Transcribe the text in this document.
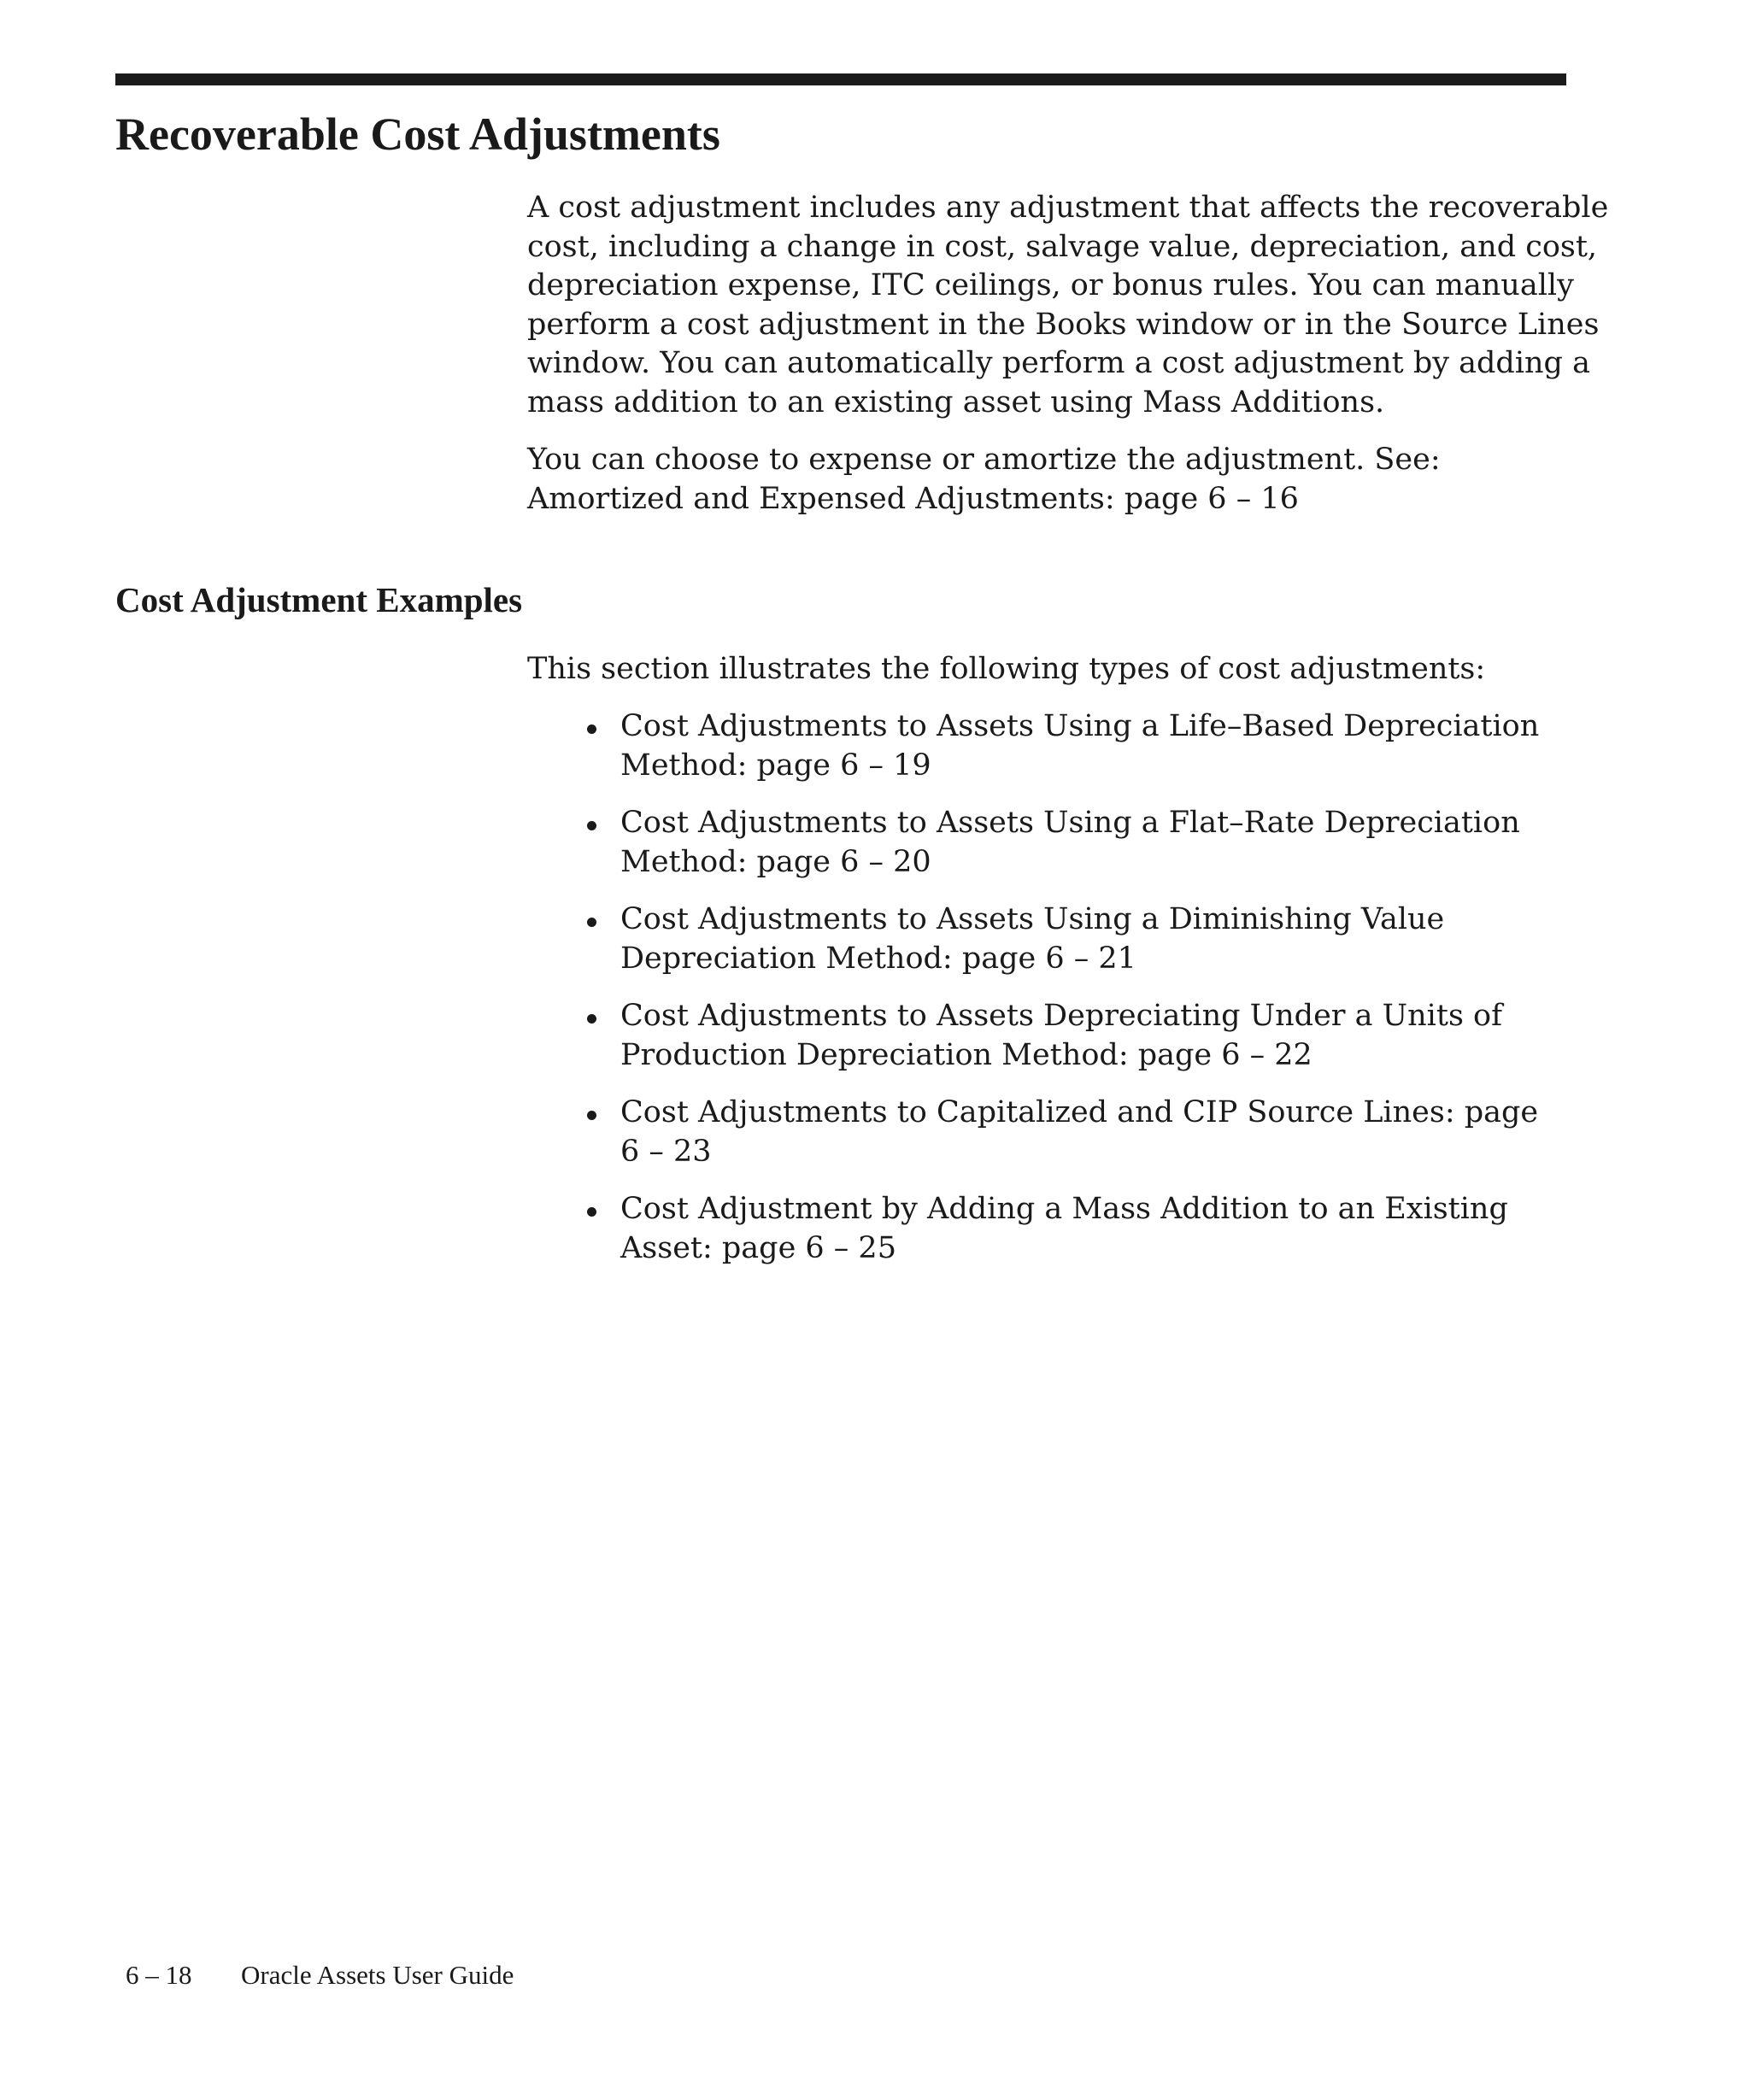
Recoverable Cost Adjustments

A cost adjustment includes any adjustment that affects the recoverable
cost, including a change in cost, salvage value, depreciation, and cost,
depreciation expense, ITC ceilings, or bonus rules. You can manually
perform a cost adjustment in the Books window or in the Source Lines
window. You can automatically perform a cost adjustment by adding a
mass addition to an existing asset using Mass Additions.

You can choose to expense or amortize the adjustment. See:
Amortized and Expensed Adjustments: page 6 – 16

Cost Adjustment Examples

This section illustrates the following types of cost adjustments:

Cost Adjustments to Assets Using a Life–Based Depreciation
Method: page 6 – 19
Cost Adjustments to Assets Using a Flat–Rate Depreciation
Method: page 6 – 20
Cost Adjustments to Assets Using a Diminishing Value
Depreciation Method: page 6 – 21
Cost Adjustments to Assets Depreciating Under a Units of
Production Depreciation Method: page 6 – 22
Cost Adjustments to Capitalized and CIP Source Lines: page
6 – 23
Cost Adjustment by Adding a Mass Addition to an Existing
Asset: page 6 – 25
6 – 18 Oracle Assets User Guide
